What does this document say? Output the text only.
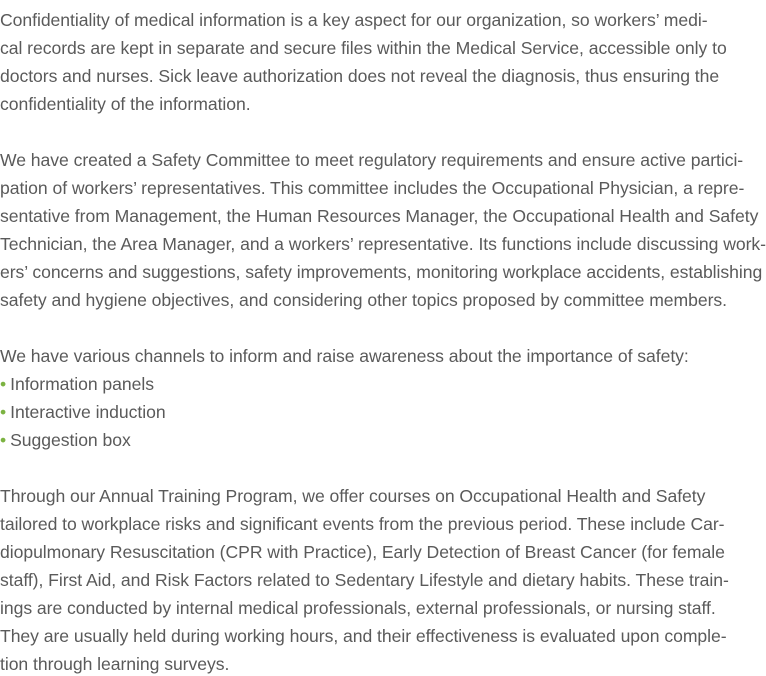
Confidentiality of medical information is a key aspect for our organization, so workers’ medi-
cal records are kept in separate and secure files within the Medical Service, accessible only to
doctors and nurses. Sick leave authorization does not reveal the diagnosis, thus ensuring the
confidentiality of the information.

We have created a Safety Committee to meet regulatory requirements and ensure active partici-
pation of workers’ representatives. This committee includes the Occupational Physician, a repre-
sentative from Management, the Human Resources Manager, the Occupational Health and Safety
Technician, the Area Manager, and a workers’ representative. Its functions include discussing work-
ers’ concerns and suggestions, safety improvements, monitoring workplace accidents, establishing
safety and hygiene objectives, and considering other topics proposed by committee members.

We have various channels to inform and raise awareness about the importance of safety:

• Information panels
• Interactive induction
• Suggestion box

Through our Annual Training Program, we offer courses on Occupational Health and Safety
tailored to workplace risks and significant events from the previous period. These include Car-
diopulmonary Resuscitation (CPR with Practice), Early Detection of Breast Cancer (for female
staff), First Aid, and Risk Factors related to Sedentary Lifestyle and dietary habits. These train-
ings are conducted by internal medical professionals, external professionals, or nursing staff.
They are usually held during working hours, and their effectiveness is evaluated upon comple-
tion through learning surveys.
